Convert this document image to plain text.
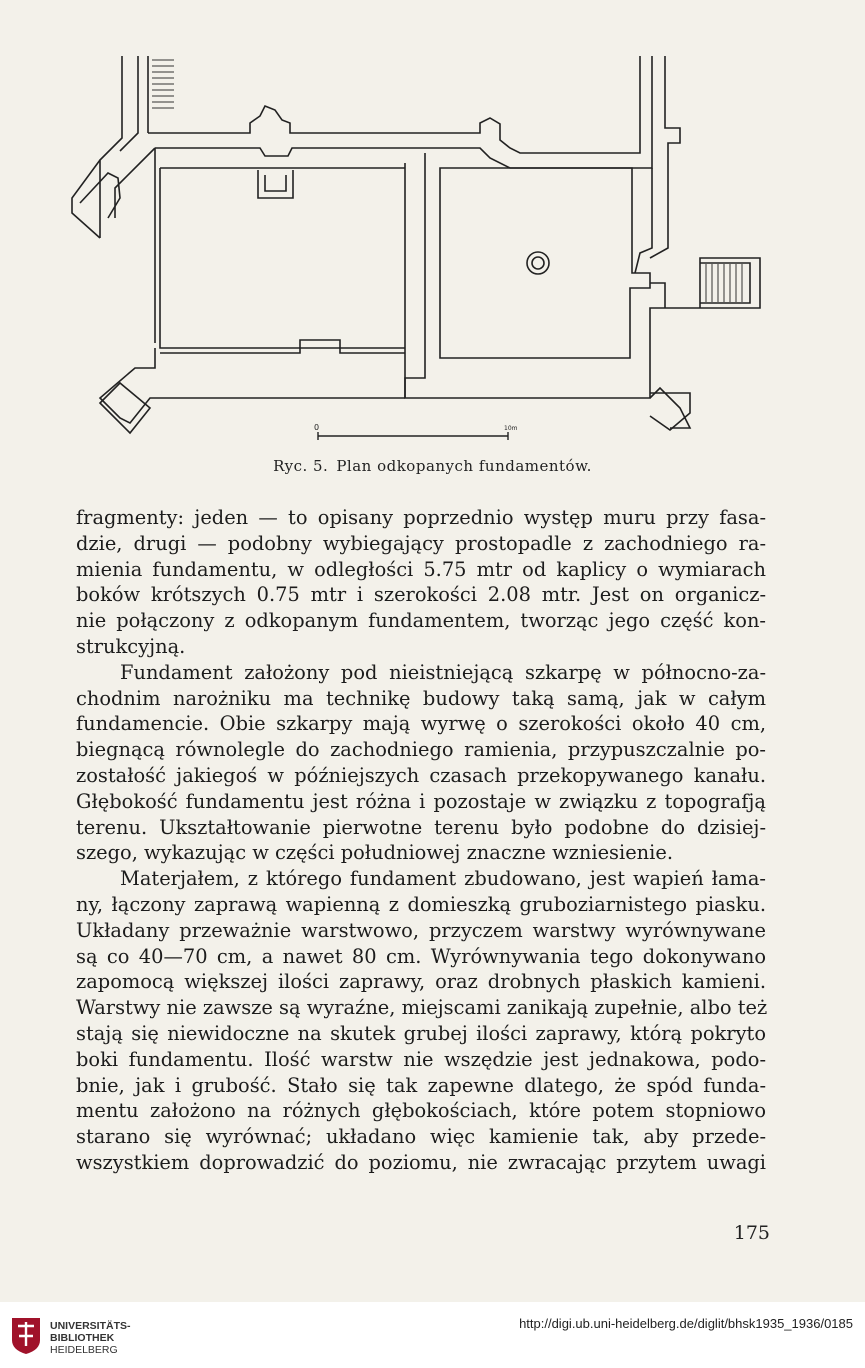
0	10m
Ryc. 5. Plan odkopanych fundamentów.
fragmenty: jeden — to opisany poprzednio występ muru przy fasa-
dzie, drugi — podobny wybiegający prostopadle z zachodniego ra-
mienia fundamentu, w odległości 5.75 mtr od kaplicy o wymiarach
boków krótszych 0.75 mtr i szerokości 2.08 mtr. Jest on organicz-
nie połączony z odkopanym fundamentem, tworząc jego część kon-
strukcyjną.
Fundament założony pod nieistniejącą szkarpę w północno-za-
chodnim narożniku ma technikę budowy taką samą, jak w całym
fundamencie. Obie szkarpy mają wyrwę o szerokości około 40 cm,
biegnącą równolegle do zachodniego ramienia, przypuszczalnie po-
zostałość jakiegoś w późniejszych czasach przekopywanego kanału.
Głębokość fundamentu jest różna i pozostaje w związku z topografją
terenu. Ukształtowanie pierwotne terenu było podobne do dzisiej-
szego, wykazując w części południowej znaczne wzniesienie.
Materjałem, z którego fundament zbudowano, jest wapień łama-
ny, łączony zaprawą wapienną z domieszką gruboziarnistego piasku.
Układany przeważnie warstwowo, przyczem warstwy wyrównywane
są co 40—70 cm, a nawet 80 cm. Wyrównywania tego dokonywano
zapomocą większej ilości zaprawy, oraz drobnych płaskich kamieni.
Warstwy nie zawsze są wyraźne, miejscami zanikają zupełnie, albo też
stają się niewidoczne na skutek grubej ilości zaprawy, którą pokryto
boki fundamentu. Ilość warstw nie wszędzie jest jednakowa, podo-
bnie, jak i grubość. Stało się tak zapewne dlatego, że spód funda-
mentu założono na różnych głębokościach, które potem stopniowo
starano się wyrównać; układano więc kamienie tak, aby przede-
wszystkiem doprowadzić do poziomu, nie zwracając przytem uwagi
175
UNIVERSITÄTS-
BIBLIOTHEK
HEIDELBERG
http://digi.ub.uni-heidelberg.de/diglit/bhsk1935_1936/0185
